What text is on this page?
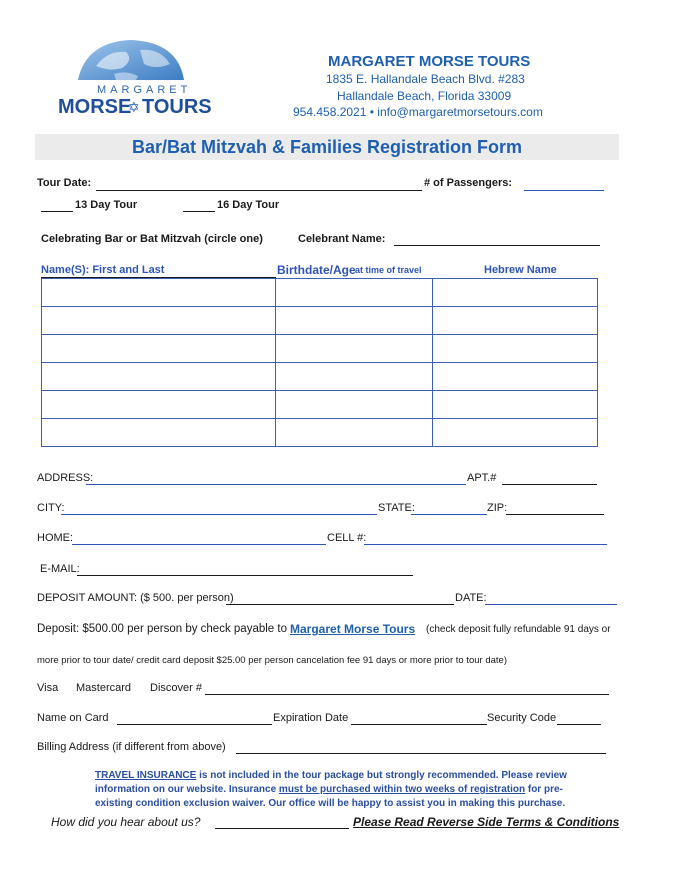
MARGARET
MORSE
✡ TOURS
MARGARET MORSE TOURS
1835 E. Hallandale Beach Blvd. #283
Hallandale Beach, Florida 33009
954.458.2021 • info@margaretmorsetours.com
Bar/Bat Mitzvah & Families Registration Form
Tour Date:	# of Passengers:
13 Day Tour	16 Day Tour
Celebrating Bar or Bat Mitzvah (circle one)	Celebrant Name:
Name(S): First and Last	Birthdate/Age at time of travel	Hebrew Name

ADDRESS:	APT.#
CITY:	STATE:	ZIP:
HOME:	CELL #:
E-MAIL:
DEPOSIT AMOUNT: ($ 500. per person)	DATE:
Deposit: $500.00 per person by check payable to Margaret Morse Tours (check deposit fully refundable 91 days or
more prior to tour date/ credit card deposit $25.00 per person cancelation fee 91 days or more prior to tour date)
Visa Mastercard Discover #
Name on Card	Expiration Date	Security Code
Billing Address (if different from above)
TRAVEL INSURANCE is not included in the tour package but strongly recommended. Please review
information on our website. Insurance must be purchased within two weeks of registration for pre-
existing condition exclusion waiver. Our office will be happy to assist you in making this purchase.
How did you hear about us?	Please Read Reverse Side Terms & Conditions
